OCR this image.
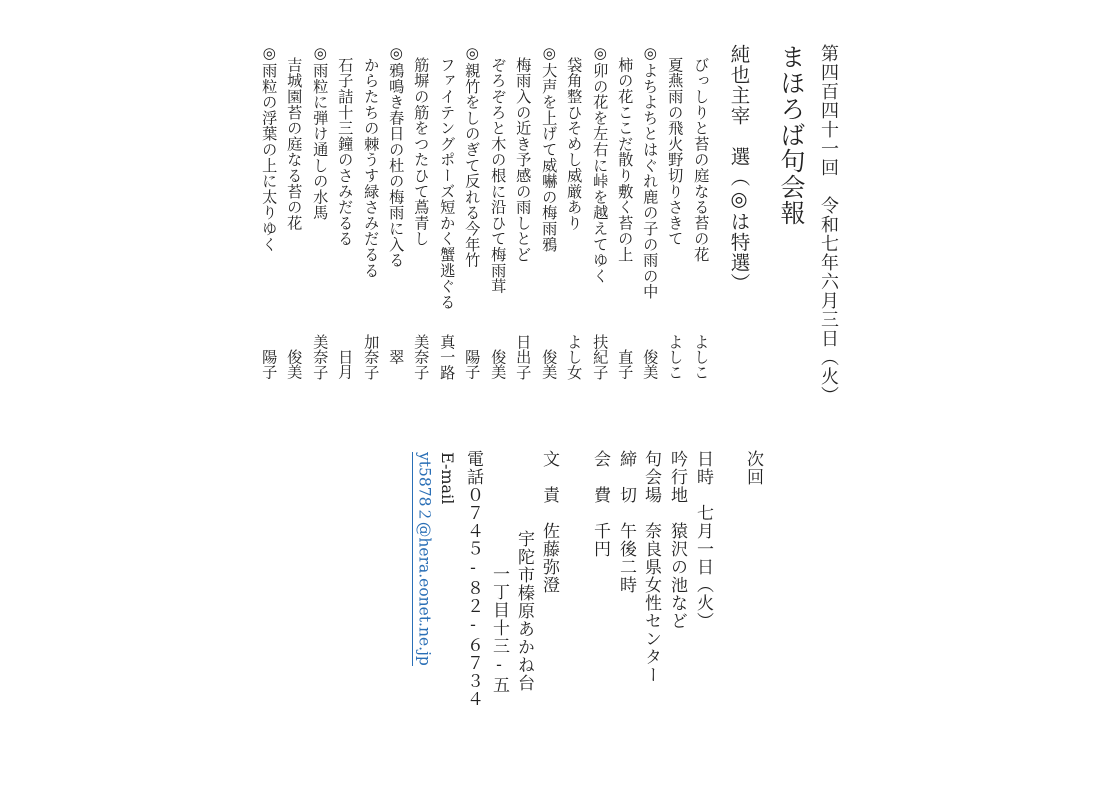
第四百四十一回　令和七年六月三日（火）
まほろば句会報
純也主宰　選（◎は特選）
びっしりと苔の庭なる苔の花
夏燕雨の飛火野切りさきて
◎よちよちとはぐれ鹿の子の雨の中
柿の花ここだ散り敷く苔の上
◎卯の花を左右に峠を越えてゆく
袋角整ひそめし威厳あり
◎大声を上げて威嚇の梅雨鴉
梅雨入の近き予感の雨しとど
ぞろぞろと木の根に沿ひて梅雨茸
◎親竹をしのぎて反れる今年竹
ファイテングポーズ短かく蟹逃ぐる
筋塀の筋をつたひて蔦青し
◎鴉鳴き春日の杜の梅雨に入る
からたちの棘うす緑さみだるる
石子詰十三鐘のさみだるる
◎雨粒に弾け通しの水馬
吉城園苔の庭なる苔の花
◎雨粒の浮葉の上に太りゆく
よしこ
よしこ
俊美
直子
扶紀子
よし女
俊美
日出子
俊美
陽子
真一路
美奈子
翠
加奈子
日月
美奈子
俊美
陽子
次回
日時　七月一日（火）
吟行地　猿沢の池など
句会場　奈良県女性センター
締　切　午後二時
会　費　千円
文　責　佐藤弥澄
宇陀市榛原あかね台
一丁目十三-五
電話０７４５-８２-６７３４
E-mail
yt5878２@hera.eonet.ne.jp
